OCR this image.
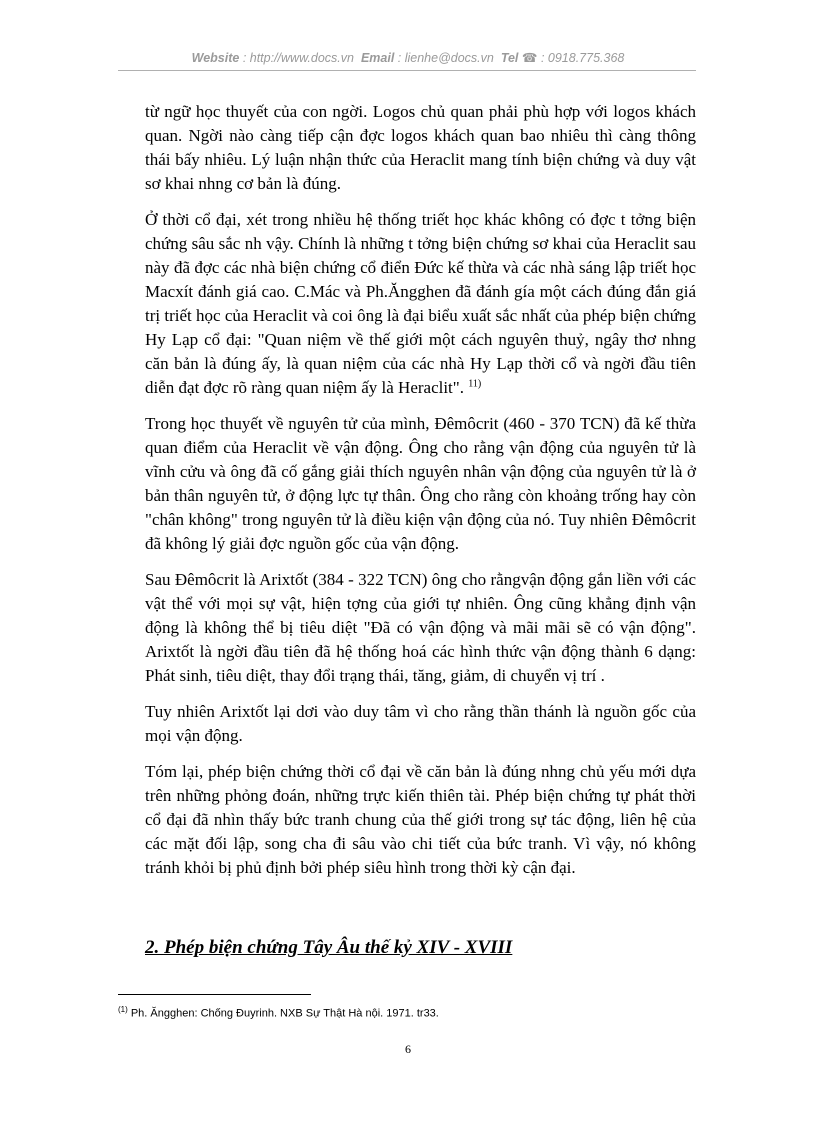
Website : http://www.docs.vn Email : lienhe@docs.vn Tel ☎ : 0918.775.368

từ ngữ học thuyết của con ngời. Logos chủ quan phải phù hợp với logos khách quan. Ngời nào càng tiếp cận đợc logos khách quan bao nhiêu thì càng thông thái bấy nhiêu. Lý luận nhận thức của Heraclit mang tính biện chứng và duy vật sơ khai nhng cơ bản là đúng.

Ở thời cổ đại, xét trong nhiều hệ thống triết học khác không có đợc t tởng biện chứng sâu sắc nh vậy. Chính là những t tởng biện chứng sơ khai của Heraclit sau này đã đợc các nhà biện chứng cổ điển Đức kế thừa và các nhà sáng lập triết học Macxít đánh giá cao. C.Mác và Ph.Ăngghen đã đánh gía một cách đúng đắn giá trị triết học của Heraclit và coi ông là đại biểu xuất sắc nhất của phép biện chứng Hy Lạp cổ đại: "Quan niệm về thế giới một cách nguyên thuỷ, ngây thơ nhng căn bản là đúng ấy, là quan niệm của các nhà Hy Lạp thời cổ và ngời đầu tiên diễn đạt đợc rõ ràng quan niệm ấy là Heraclit". $^{11)}$

Trong học thuyết về nguyên tử của mình, Đêmôcrit (460 - 370 TCN) đã kế thừa quan điểm của Heraclit về vận động. Ông cho rằng vận động của nguyên tử là vĩnh cửu và ông đã cố gắng giải thích nguyên nhân vận động của nguyên tử là ở bản thân nguyên tử, ở động lực tự thân. Ông cho rằng còn khoảng trống hay còn "chân không" trong nguyên tử là điều kiện vận động của nó. Tuy nhiên Đêmôcrit đã không lý giải đợc nguồn gốc của vận động.

Sau Đêmôcrit là Arixtốt (384 - 322 TCN) ông cho rằngvận động gắn liền với các vật thể với mọi sự vật, hiện tợng của giới tự nhiên. Ông cũng khẳng định vận động là không thể bị tiêu diệt "Đã có vận động và mãi mãi sẽ có vận động". Arixtốt là ngời đầu tiên đã hệ thống hoá các hình thức vận động thành 6 dạng: Phát sinh, tiêu diệt, thay đổi trạng thái, tăng, giảm, di chuyển vị trí .

Tuy nhiên Arixtốt lại dơi vào duy tâm vì cho rằng thần thánh là nguồn gốc của mọi vận động.

Tóm lại, phép biện chứng thời cổ đại về căn bản là đúng nhng chủ yếu mới dựa trên những phỏng đoán, những trực kiến thiên tài. Phép biện chứng tự phát thời cổ đại đã nhìn thấy bức tranh chung của thế giới trong sự tác động, liên hệ của các mặt đối lập, song cha đi sâu vào chi tiết của bức tranh. Vì vậy, nó không tránh khỏi bị phủ định bởi phép siêu hình trong thời kỳ cận đại.

2. Phép biện chứng Tây Âu thế kỷ XIV - XVIII
$^{(1)}$ Ph. Ăngghen: Chống Đuyrinh. NXB Sự Thật Hà nội. 1971. tr33.
6
